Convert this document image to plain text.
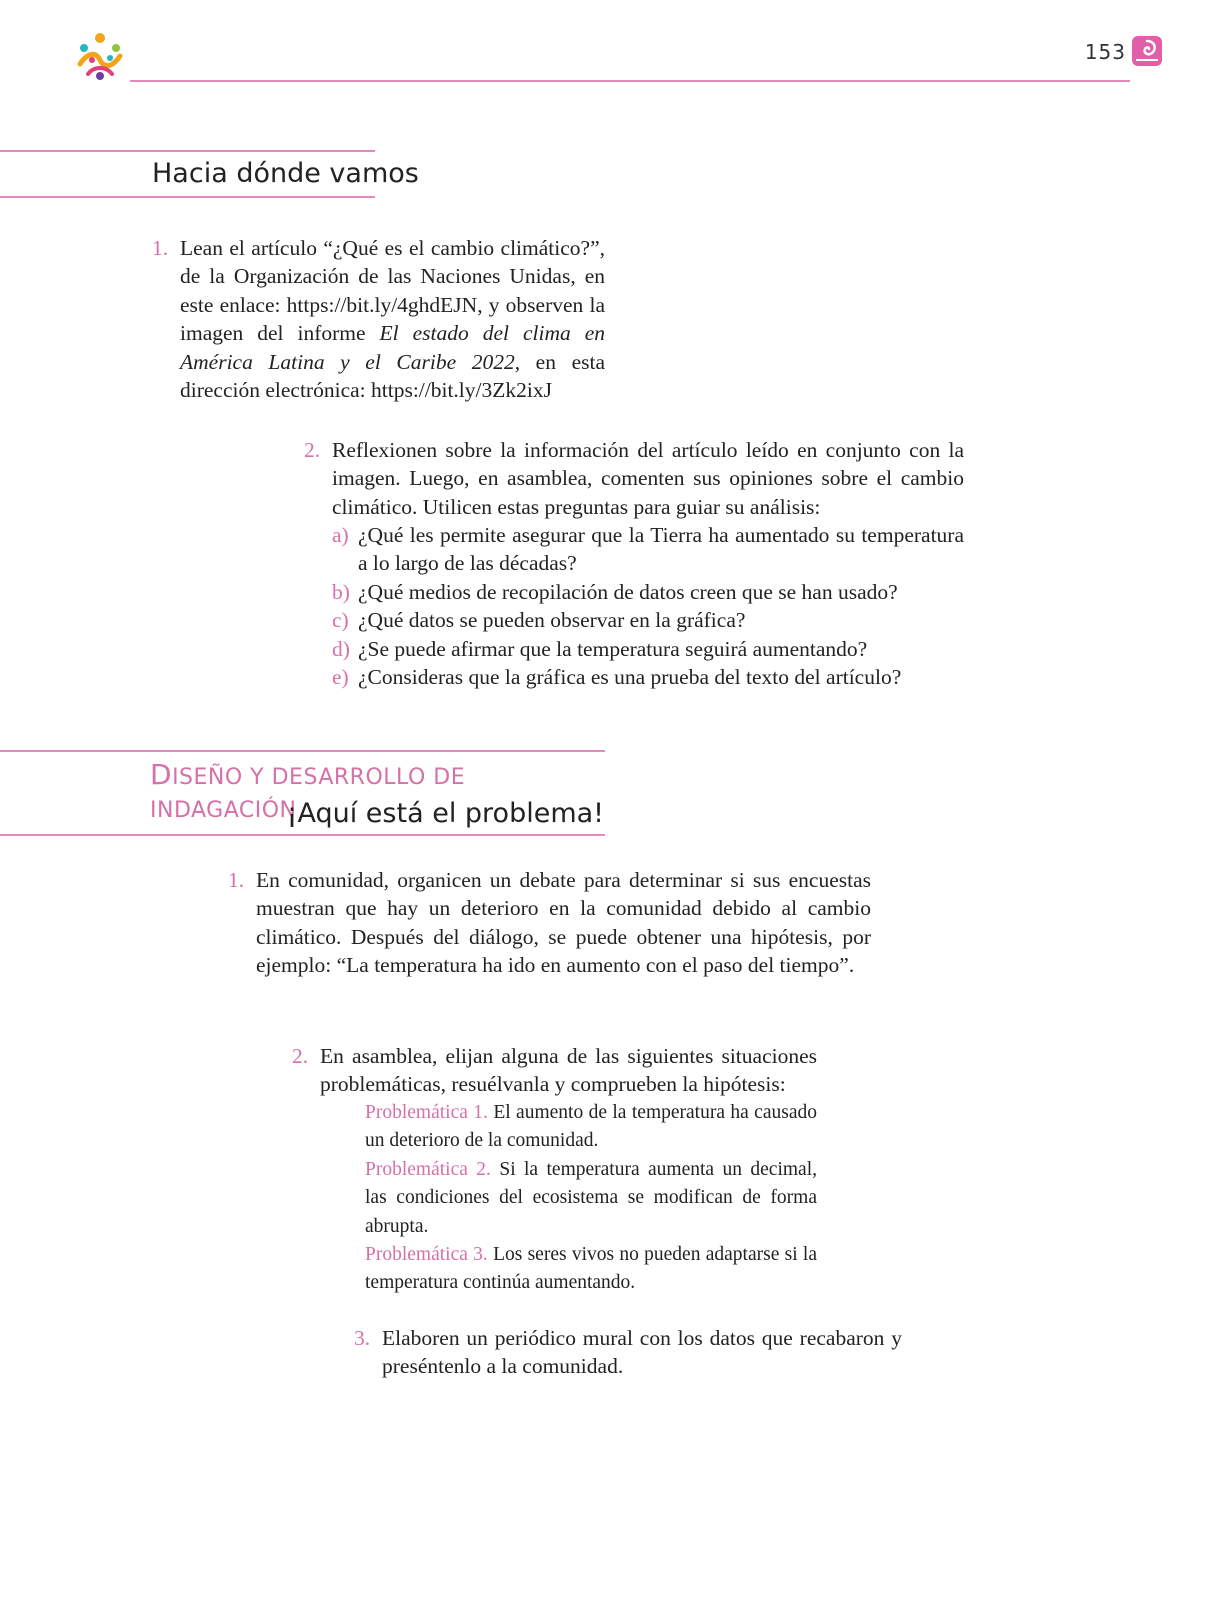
153
Hacia dónde vamos
1. Lean el artículo “¿Qué es el cambio climático?”, de la Organización de las Naciones Unidas, en este enlace: https://bit.ly/4ghdEJN, y observen la imagen del informe El estado del clima en América Latina y el Caribe 2022, en esta dirección electrónica: https://bit.ly/3Zk2ixJ
2. Reflexionen sobre la información del artículo leído en conjunto con la imagen. Luego, en asamblea, comenten sus opiniones sobre el cambio climático. Utilicen estas preguntas para guiar su análisis:
a) ¿Qué les permite asegurar que la Tierra ha aumentado su temperatura a lo largo de las décadas?
b) ¿Qué medios de recopilación de datos creen que se han usado?
c) ¿Qué datos se pueden observar en la gráfica?
d) ¿Se puede afirmar que la temperatura seguirá aumentando?
e) ¿Consideras que la gráfica es una prueba del texto del artículo?
DISEÑO Y DESARROLLO DE INDAGACIÓN
¡Aquí está el problema!
1. En comunidad, organicen un debate para determinar si sus encuestas muestran que hay un deterioro en la comunidad debido al cambio climático. Después del diálogo, se puede obtener una hipótesis, por ejemplo: “La temperatura ha ido en aumento con el paso del tiempo”.
2. En asamblea, elijan alguna de las siguientes situaciones problemáticas, resuélvanla y comprueben la hipótesis:
Problemática 1. El aumento de la temperatura ha causado un deterioro de la comunidad.
Problemática 2. Si la temperatura aumenta un decimal, las condiciones del ecosistema se modifican de forma abrupta.
Problemática 3. Los seres vivos no pueden adaptarse si la temperatura continúa aumentando.
3. Elaboren un periódico mural con los datos que recabaron y preséntenlo a la comunidad.
